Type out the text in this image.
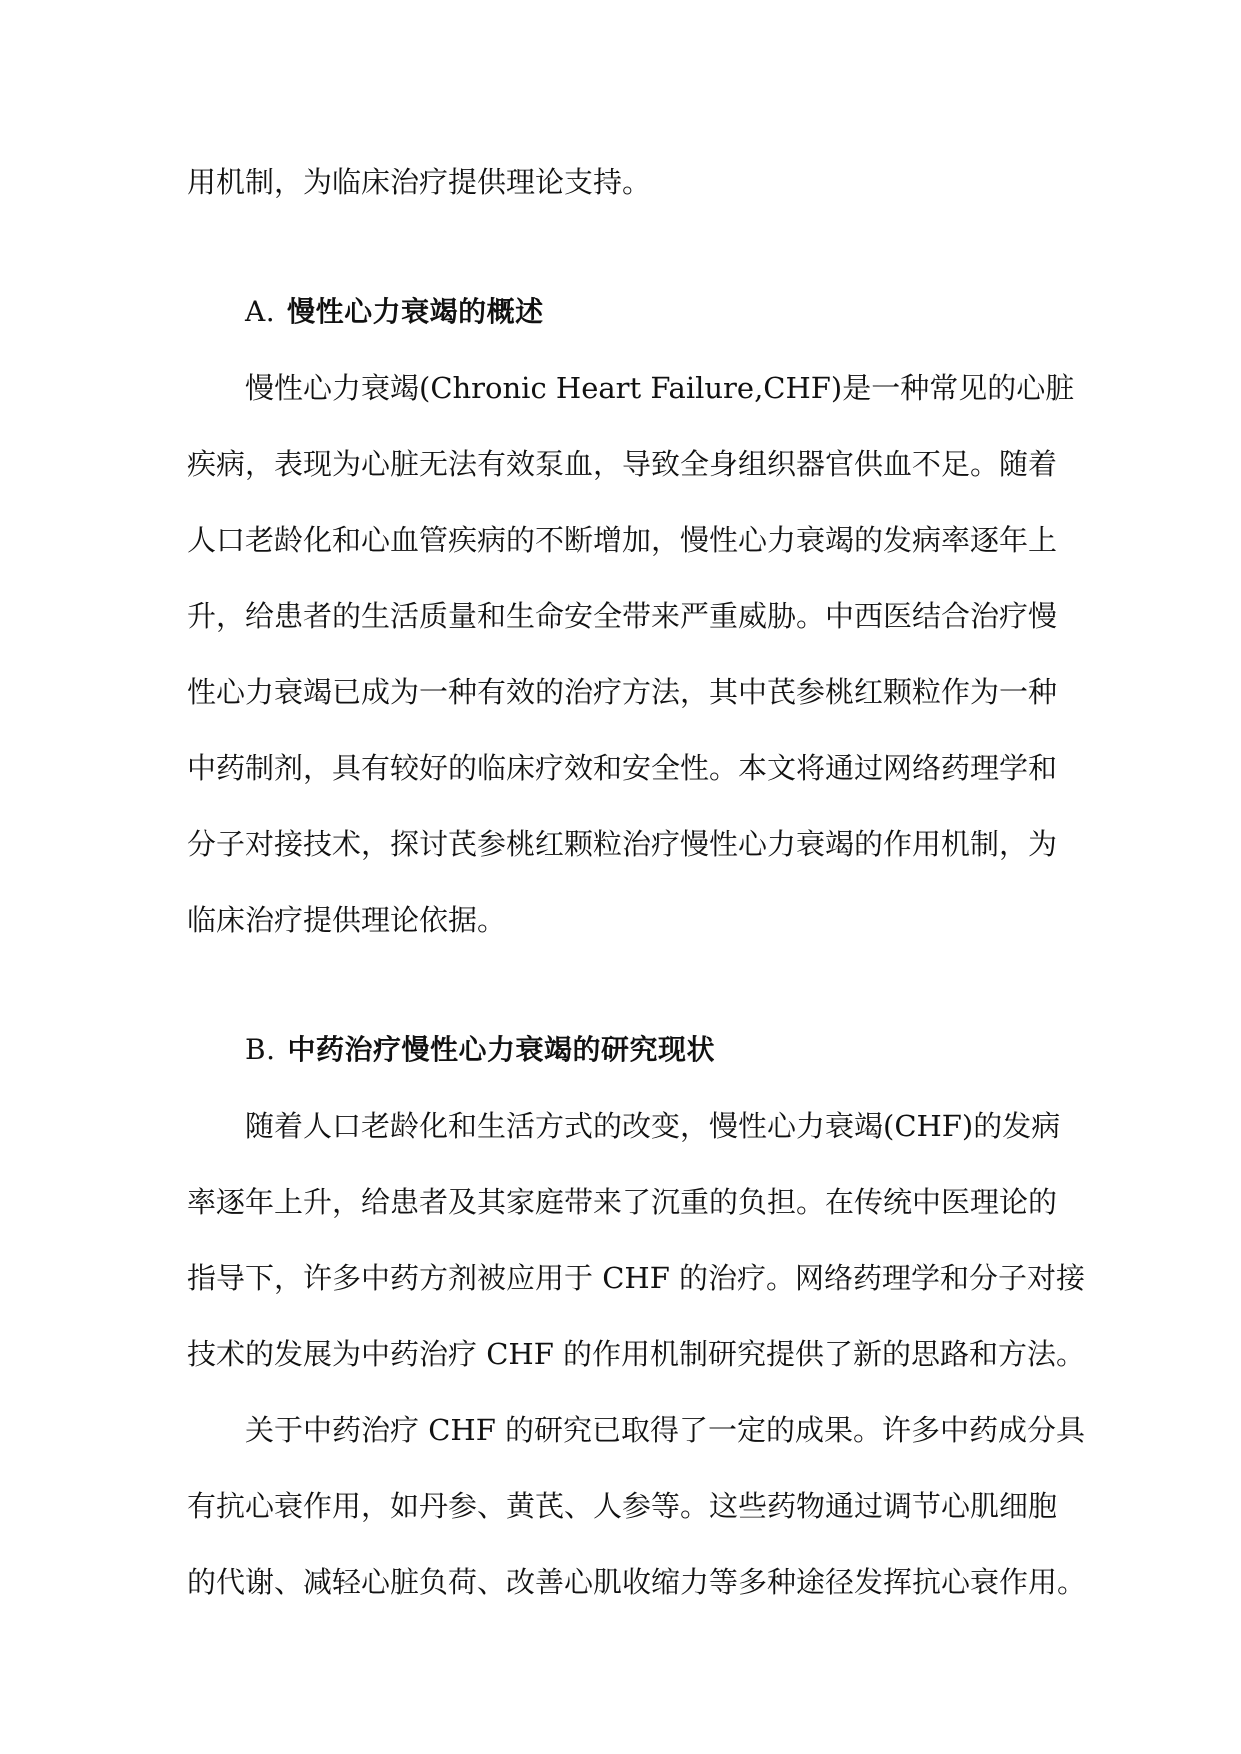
用机制，为临床治疗提供理论支持。

A. 慢性心力衰竭的概述

慢性心力衰竭(Chronic Heart Failure,CHF)是一种常见的心脏
疾病，表现为心脏无法有效泵血，导致全身组织器官供血不足。随着
人口老龄化和心血管疾病的不断增加，慢性心力衰竭的发病率逐年上
升，给患者的生活质量和生命安全带来严重威胁。中西医结合治疗慢
性心力衰竭已成为一种有效的治疗方法，其中芪参桃红颗粒作为一种
中药制剂，具有较好的临床疗效和安全性。本文将通过网络药理学和
分子对接技术，探讨芪参桃红颗粒治疗慢性心力衰竭的作用机制，为
临床治疗提供理论依据。

B. 中药治疗慢性心力衰竭的研究现状

随着人口老龄化和生活方式的改变，慢性心力衰竭(CHF)的发病
率逐年上升，给患者及其家庭带来了沉重的负担。在传统中医理论的
指导下，许多中药方剂被应用于 CHF 的治疗。网络药理学和分子对接
技术的发展为中药治疗 CHF 的作用机制研究提供了新的思路和方法。

关于中药治疗 CHF 的研究已取得了一定的成果。许多中药成分具
有抗心衰作用，如丹参、黄芪、人参等。这些药物通过调节心肌细胞
的代谢、减轻心脏负荷、改善心肌收缩力等多种途径发挥抗心衰作用。
